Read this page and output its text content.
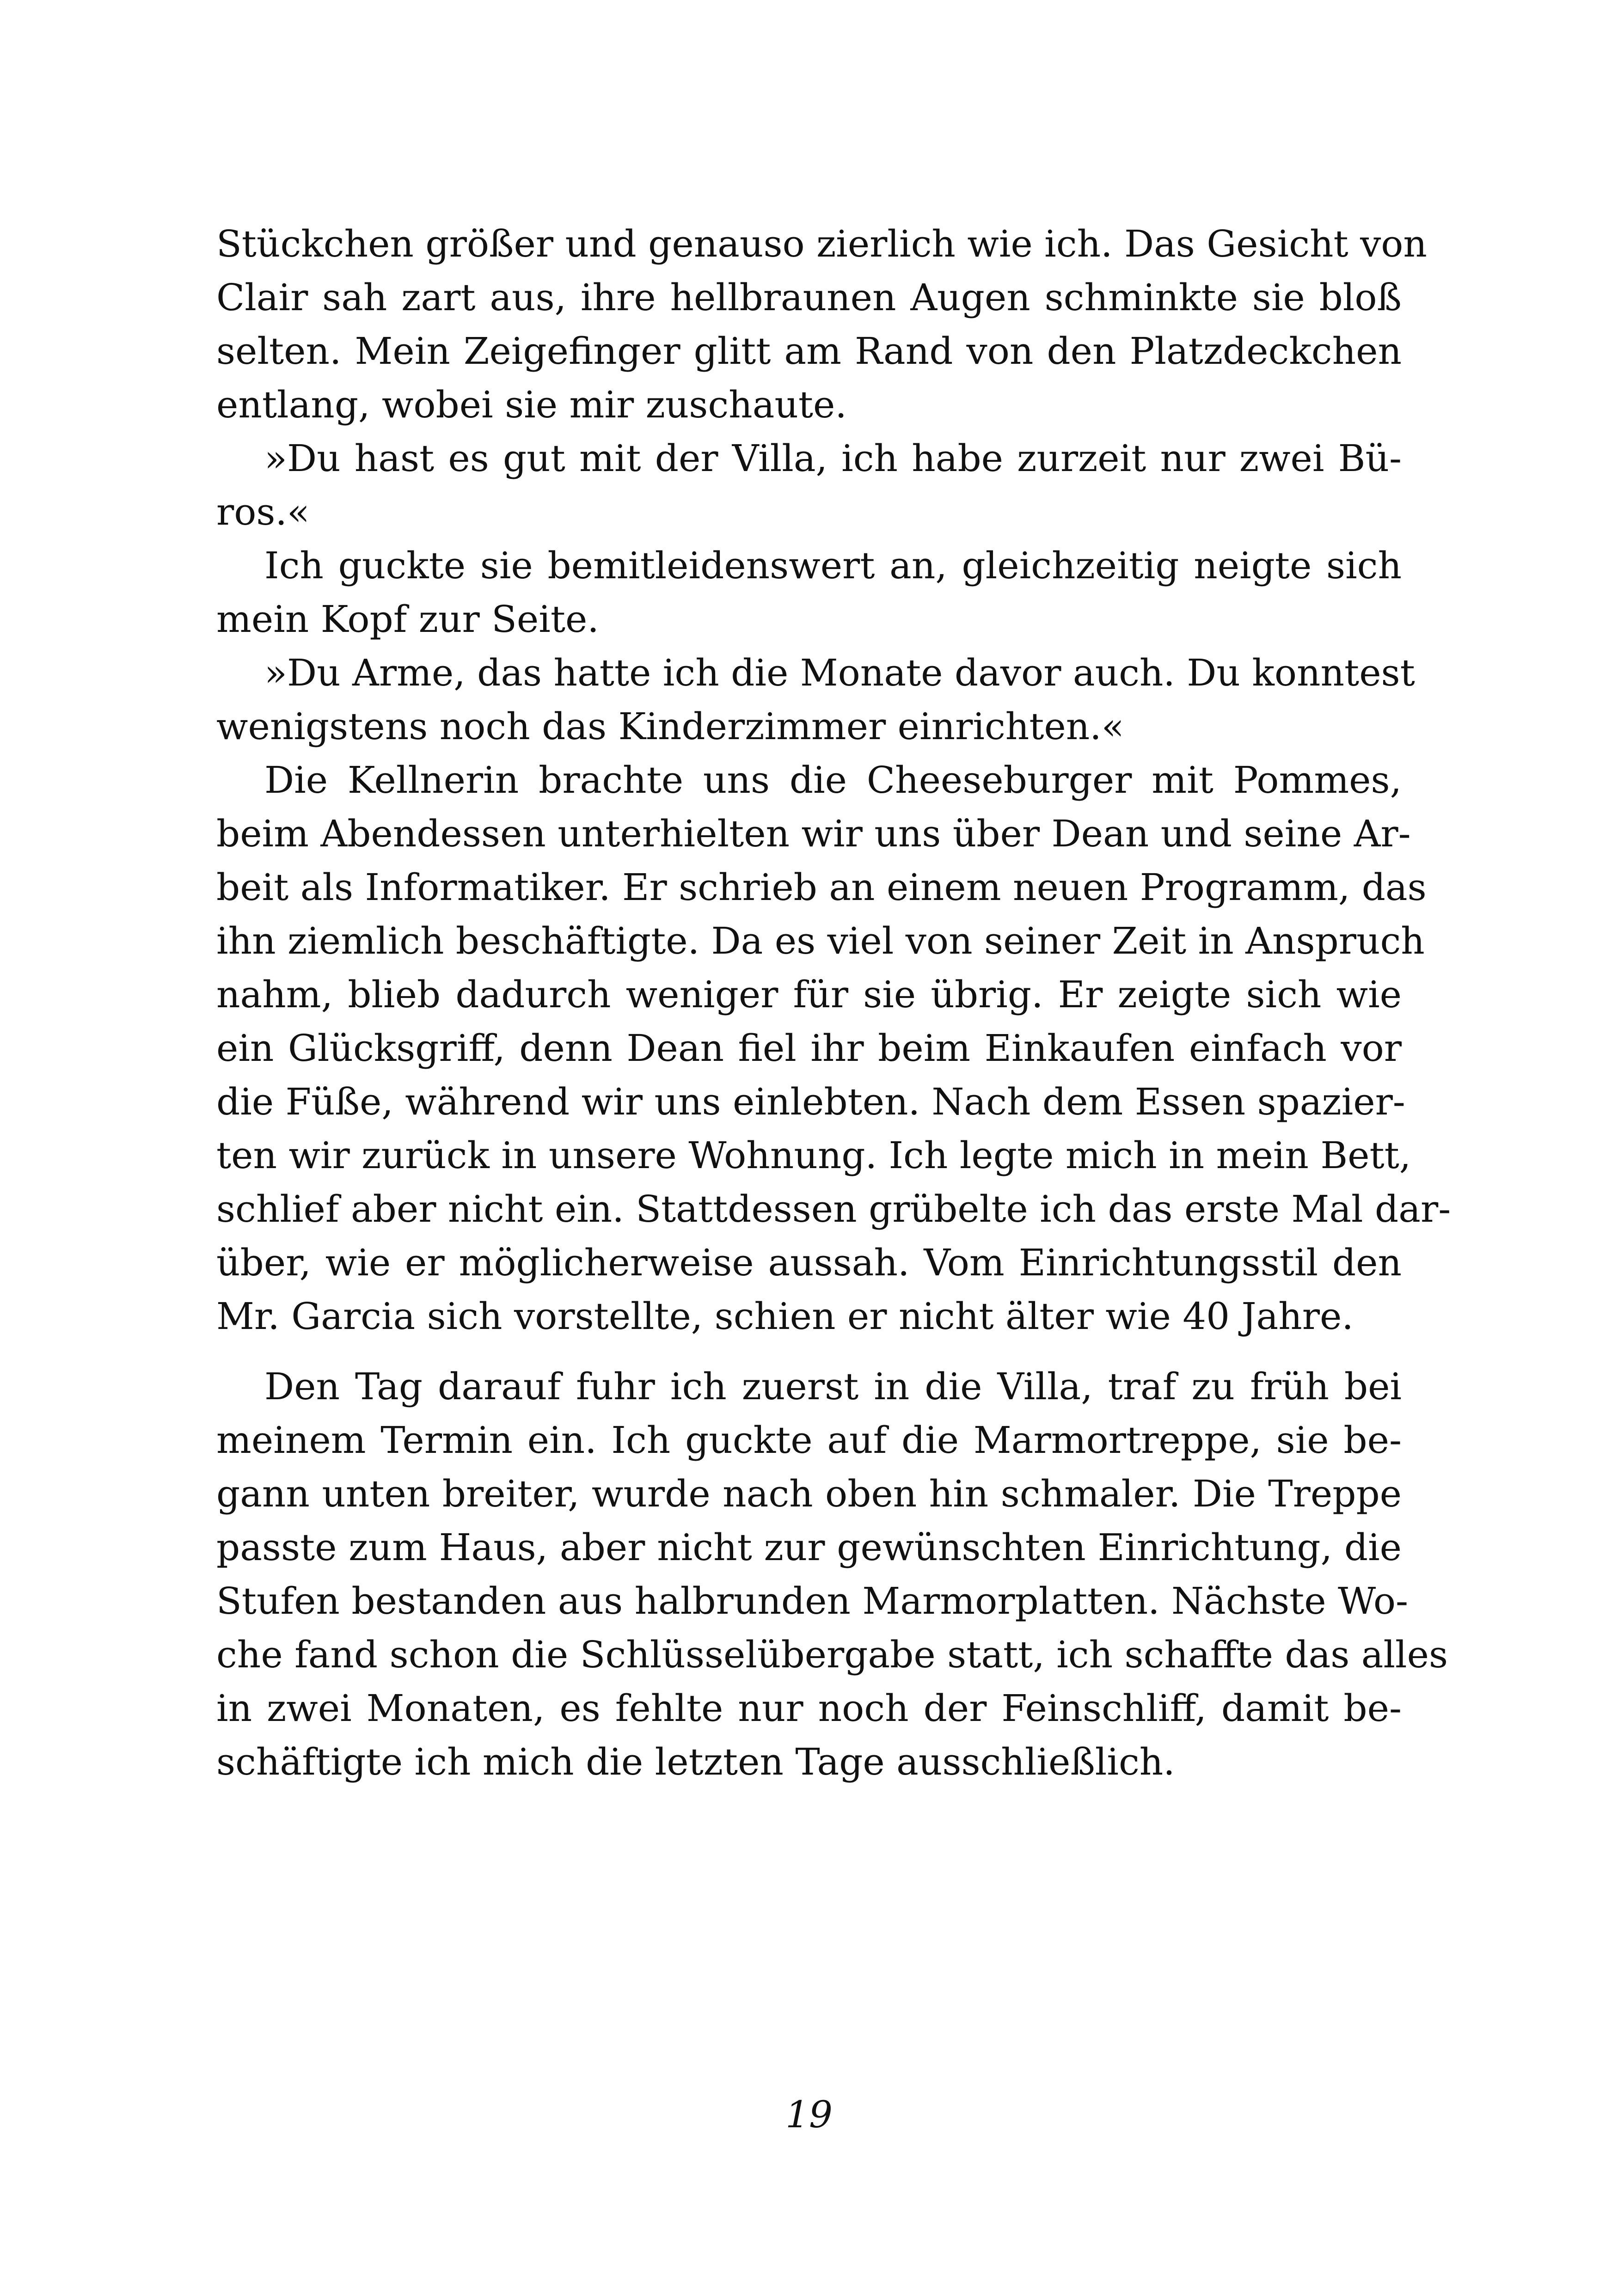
Stückchen größer und genauso zierlich wie ich. Das Gesicht von
Clair sah zart aus, ihre hellbraunen Augen schminkte sie bloß
selten. Mein Zeigefinger glitt am Rand von den Platzdeckchen
entlang, wobei sie mir zuschaute.
»Du hast es gut mit der Villa, ich habe zurzeit nur zwei Bü-
ros.«
Ich guckte sie bemitleidenswert an, gleichzeitig neigte sich
mein Kopf zur Seite.
»Du Arme, das hatte ich die Monate davor auch. Du konntest
wenigstens noch das Kinderzimmer einrichten.«
Die Kellnerin brachte uns die Cheeseburger mit Pommes,
beim Abendessen unterhielten wir uns über Dean und seine Ar-
beit als Informatiker. Er schrieb an einem neuen Programm, das
ihn ziemlich beschäftigte. Da es viel von seiner Zeit in Anspruch
nahm, blieb dadurch weniger für sie übrig. Er zeigte sich wie
ein Glücksgriff, denn Dean fiel ihr beim Einkaufen einfach vor
die Füße, während wir uns einlebten. Nach dem Essen spazier-
ten wir zurück in unsere Wohnung. Ich legte mich in mein Bett,
schlief aber nicht ein. Stattdessen grübelte ich das erste Mal dar-
über, wie er möglicherweise aussah. Vom Einrichtungsstil den
Mr. Garcia sich vorstellte, schien er nicht älter wie 40 Jahre.
Den Tag darauf fuhr ich zuerst in die Villa, traf zu früh bei
meinem Termin ein. Ich guckte auf die Marmortreppe, sie be-
gann unten breiter, wurde nach oben hin schmaler. Die Treppe
passte zum Haus, aber nicht zur gewünschten Einrichtung, die
Stufen bestanden aus halbrunden Marmorplatten. Nächste Wo-
che fand schon die Schlüsselübergabe statt, ich schaffte das alles
in zwei Monaten, es fehlte nur noch der Feinschliff, damit be-
schäftigte ich mich die letzten Tage ausschließlich.
19
